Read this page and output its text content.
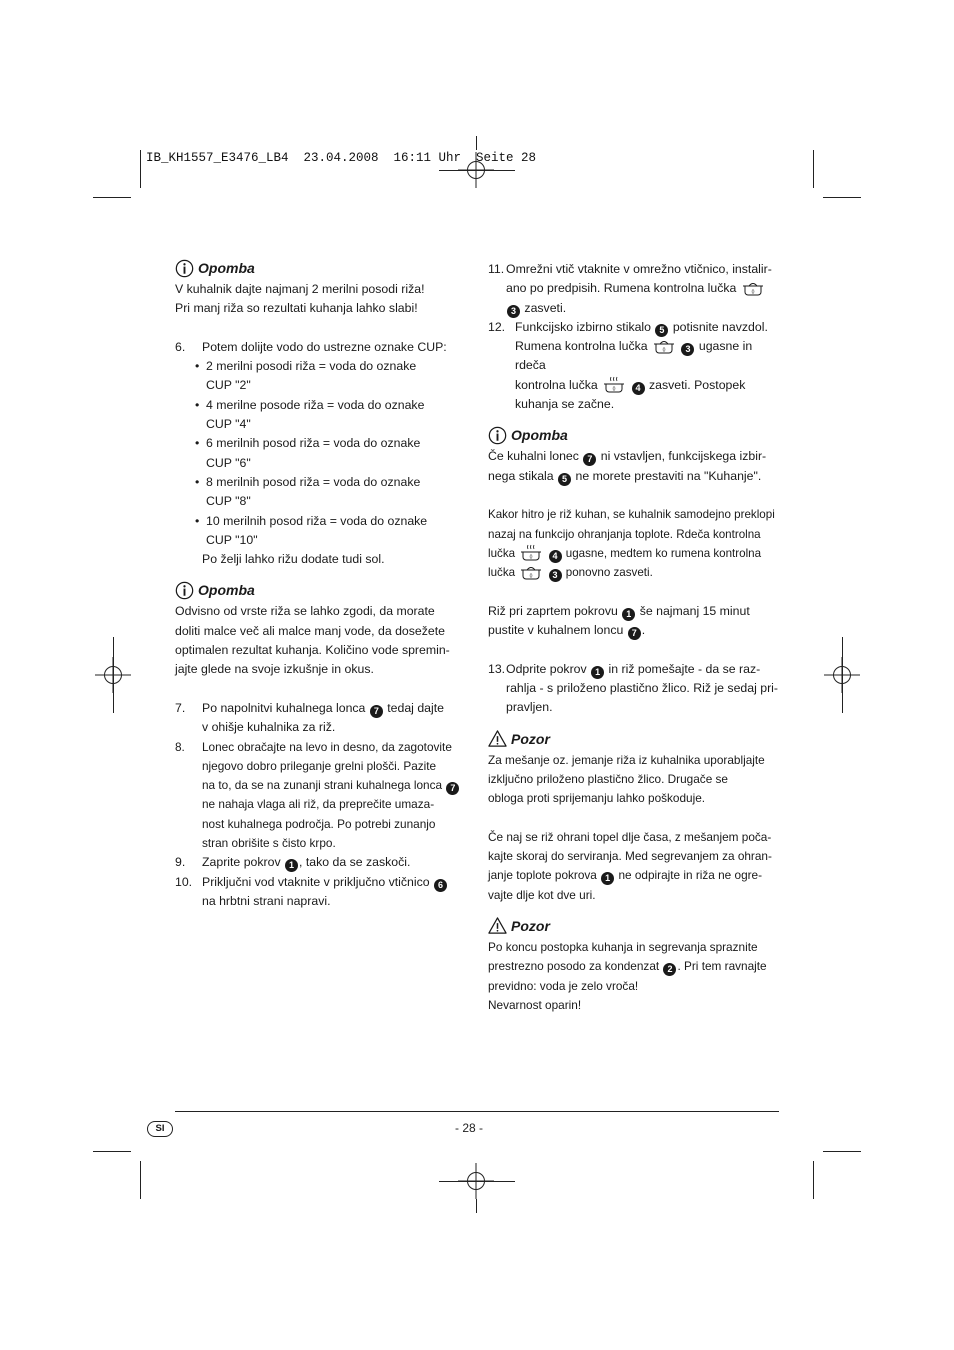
IB_KH1557_E3476_LB4  23.04.2008  16:11 Uhr  Seite 28
Opomba

V kuhalnik dajte najmanj 2 merilni posodi riža!

Pri manj riža so rezultati kuhanja lahko slabi!

6.	Potem dolijte vodo do ustrezne oznake CUP:
• 2 merilni posodi riža = voda do oznake
CUP "2"
• 4 merilne posode riža = voda do oznake
CUP "4"
• 6 merilnih posod riža = voda do oznake
CUP "6"
• 8 merilnih posod riža = voda do oznake
CUP "8"
• 10 merilnih posod riža = voda do oznake
CUP "10"
Po želji lahko rižu dodate tudi sol.
Opomba

Odvisno od vrste riža se lahko zgodi, da morate

doliti malce več ali malce manj vode, da dosežete

optimalen rezultat kuhanja. Količino vode spremin-

jajte glede na svoje izkušnje in okus.

7.	Po napolnitvi kuhalnega lonca 7 tedaj dajte
v ohišje kuhalnika za riž.
8.	Lonec obračajte na levo in desno, da zagotovite
njegovo dobro prileganje grelni plošči. Pazite
na to, da se na zunanji strani kuhalnega lonca 7
ne nahaja vlaga ali riž, da preprečite umaza-
nost kuhalnega področja. Po potrebi zunanjo
stran obrišite s čisto krpo.
9.	Zaprite pokrov 1 , tako da se zaskoči.
10. Priključni vod vtaknite v priključno vtičnico 6
na hrbtni strani napravi.
11. Omrežni vtič vtaknite v omrežno vtičnico, instalir-
ano po predpisih. Rumena kontrolna lučka	0

3 zasveti.
12. Funkcijsko izbirno stikalo 5 potisnite navzdol.
Rumena kontrolna lučka	0 3 ugasne in rdeča
kontrolna lučka	0 4 zasveti. Postopek
kuhanja se začne.
Opomba

Če kuhalni lonec 7 ni vstavljen, funkcijskega izbir-

nega stikala 5 ne morete prestaviti na "Kuhanje".

Kakor hitro je riž kuhan, se kuhalnik samodejno preklopi

nazaj na funkcijo ohranjanja toplote. Rdeča kontrolna

lučka	0 4 ugasne, medtem ko rumena kontrolna

lučka	0 3 ponovno zasveti.

Riž pri zaprtem pokrovu 1 še najmanj 15 minut

pustite v kuhalnem loncu 7 .

13. Odprite pokrov 1 in riž pomešajte - da se raz-
rahlja - s priloženo plastično žlico. Riž je sedaj pri-
pravljen.
Pozor

Za mešanje oz. jemanje riža iz kuhalnika uporabljajte

izključno priloženo plastično žlico. Drugače se

obloga proti sprijemanju lahko poškoduje.

Če naj se riž ohrani topel dlje časa, z mešanjem poča-

kajte skoraj do serviranja. Med segrevanjem za ohran-

janje toplote pokrova 1 ne odpirajte in riža ne ogre-

vajte dlje kot dve uri.

Pozor

Po koncu postopka kuhanja in segrevanja spraznite

prestrezno posodo za kondenzat 2 . Pri tem ravnajte

previdno: voda je zelo vroča!

Nevarnost oparin!

SI	- 28 -
